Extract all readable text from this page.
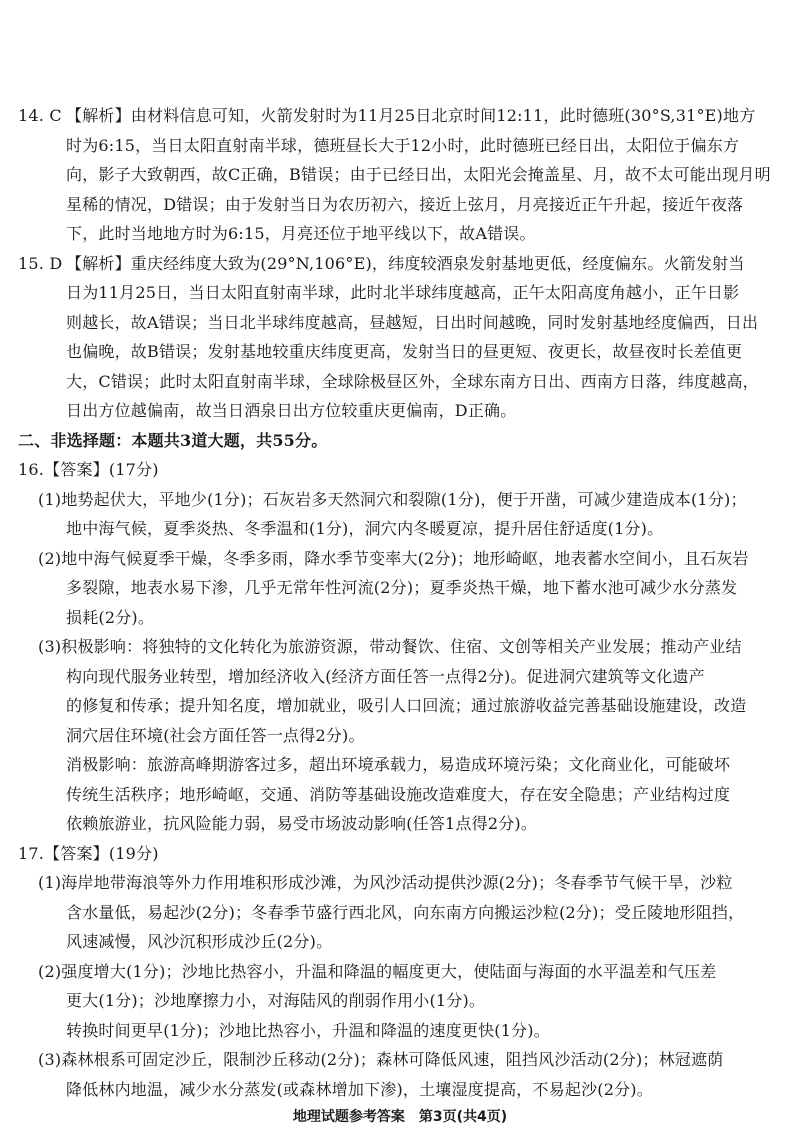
14. C 【解析】由材料信息可知，火箭发射时为11月25日北京时间12:11，此时德班(30°S,31°E)地方
时为6:15，当日太阳直射南半球，德班昼长大于12小时，此时德班已经日出，太阳位于偏东方
向，影子大致朝西，故C正确，B错误；由于已经日出，太阳光会掩盖星、月，故不太可能出现月明
星稀的情况，D错误；由于发射当日为农历初六，接近上弦月，月亮接近正午升起，接近午夜落
下，此时当地地方时为6:15，月亮还位于地平线以下，故A错误。
15. D 【解析】重庆经纬度大致为(29°N,106°E)，纬度较酒泉发射基地更低，经度偏东。火箭发射当
日为11月25日，当日太阳直射南半球，此时北半球纬度越高，正午太阳高度角越小，正午日影
则越长，故A错误；当日北半球纬度越高，昼越短，日出时间越晚，同时发射基地经度偏西，日出
也偏晚，故B错误；发射基地较重庆纬度更高，发射当日的昼更短、夜更长，故昼夜时长差值更
大，C错误；此时太阳直射南半球，全球除极昼区外，全球东南方日出、西南方日落，纬度越高，
日出方位越偏南，故当日酒泉日出方位较重庆更偏南，D正确。
二、非选择题：本题共3道大题，共55分。
16.【答案】(17分)
(1)地势起伏大，平地少(1分)；石灰岩多天然洞穴和裂隙(1分)，便于开凿，可减少建造成本(1分)；
地中海气候，夏季炎热、冬季温和(1分)，洞穴内冬暖夏凉，提升居住舒适度(1分)。
(2)地中海气候夏季干燥，冬季多雨，降水季节变率大(2分)；地形崎岖，地表蓄水空间小，且石灰岩
多裂隙，地表水易下渗，几乎无常年性河流(2分)；夏季炎热干燥，地下蓄水池可减少水分蒸发
损耗(2分)。
(3)积极影响：将独特的文化转化为旅游资源，带动餐饮、住宿、文创等相关产业发展；推动产业结
构向现代服务业转型，增加经济收入(经济方面任答一点得2分)。促进洞穴建筑等文化遗产
的修复和传承；提升知名度，增加就业，吸引人口回流；通过旅游收益完善基础设施建设，改造
洞穴居住环境(社会方面任答一点得2分)。
消极影响：旅游高峰期游客过多，超出环境承载力，易造成环境污染；文化商业化，可能破坏
传统生活秩序；地形崎岖，交通、消防等基础设施改造难度大，存在安全隐患；产业结构过度
依赖旅游业，抗风险能力弱，易受市场波动影响(任答1点得2分)。
17.【答案】(19分)
(1)海岸地带海浪等外力作用堆积形成沙滩，为风沙活动提供沙源(2分)；冬春季节气候干旱，沙粒
含水量低，易起沙(2分)；冬春季节盛行西北风，向东南方向搬运沙粒(2分)；受丘陵地形阻挡，
风速减慢，风沙沉积形成沙丘(2分)。
(2)强度增大(1分)；沙地比热容小，升温和降温的幅度更大，使陆面与海面的水平温差和气压差
更大(1分)；沙地摩擦力小，对海陆风的削弱作用小(1分)。
转换时间更早(1分)；沙地比热容小，升温和降温的速度更快(1分)。
(3)森林根系可固定沙丘，限制沙丘移动(2分)；森林可降低风速，阻挡风沙活动(2分)；林冠遮荫
降低林内地温，减少水分蒸发(或森林增加下渗)，土壤湿度提高，不易起沙(2分)。
地理试题参考答案　第3页(共4页)
